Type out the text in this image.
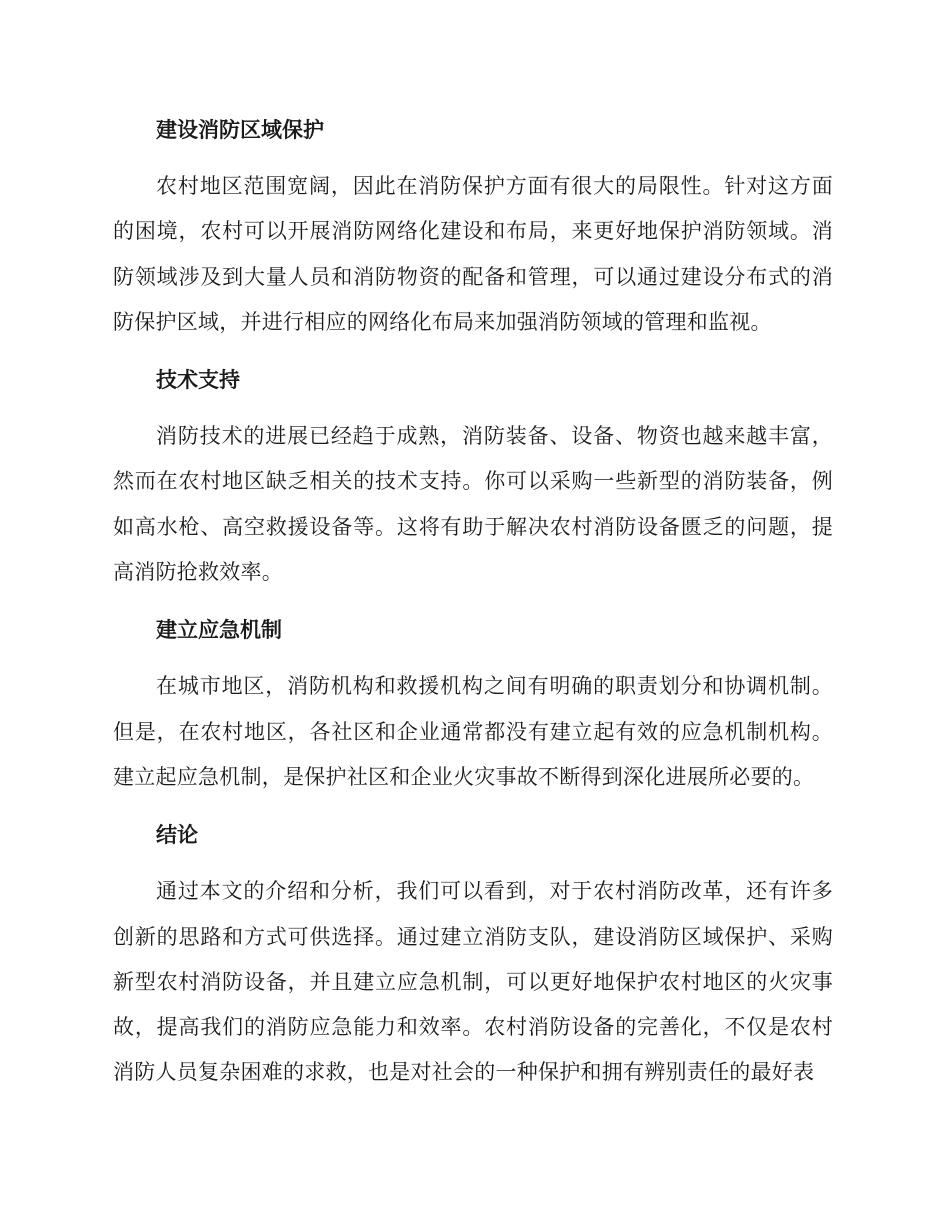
建设消防区域保护

农村地区范围宽阔，因此在消防保护方面有很大的局限性。针对这方面的困境，农村可以开展消防网络化建设和布局，来更好地保护消防领域。消防领域涉及到大量人员和消防物资的配备和管理，可以通过建设分布式的消防保护区域，并进行相应的网络化布局来加强消防领域的管理和监视。

技术支持

消防技术的进展已经趋于成熟，消防装备、设备、物资也越来越丰富，然而在农村地区缺乏相关的技术支持。你可以采购一些新型的消防装备，例如高水枪、高空救援设备等。这将有助于解决农村消防设备匮乏的问题，提高消防抢救效率。

建立应急机制

在城市地区，消防机构和救援机构之间有明确的职责划分和协调机制。但是，在农村地区，各社区和企业通常都没有建立起有效的应急机制机构。建立起应急机制，是保护社区和企业火灾事故不断得到深化进展所必要的。

结论

通过本文的介绍和分析，我们可以看到，对于农村消防改革，还有许多创新的思路和方式可供选择。通过建立消防支队，建设消防区域保护、采购新型农村消防设备，并且建立应急机制，可以更好地保护农村地区的火灾事故，提高我们的消防应急能力和效率。农村消防设备的完善化，不仅是农村消防人员复杂困难的求救，也是对社会的一种保护和拥有辨别责任的最好表
